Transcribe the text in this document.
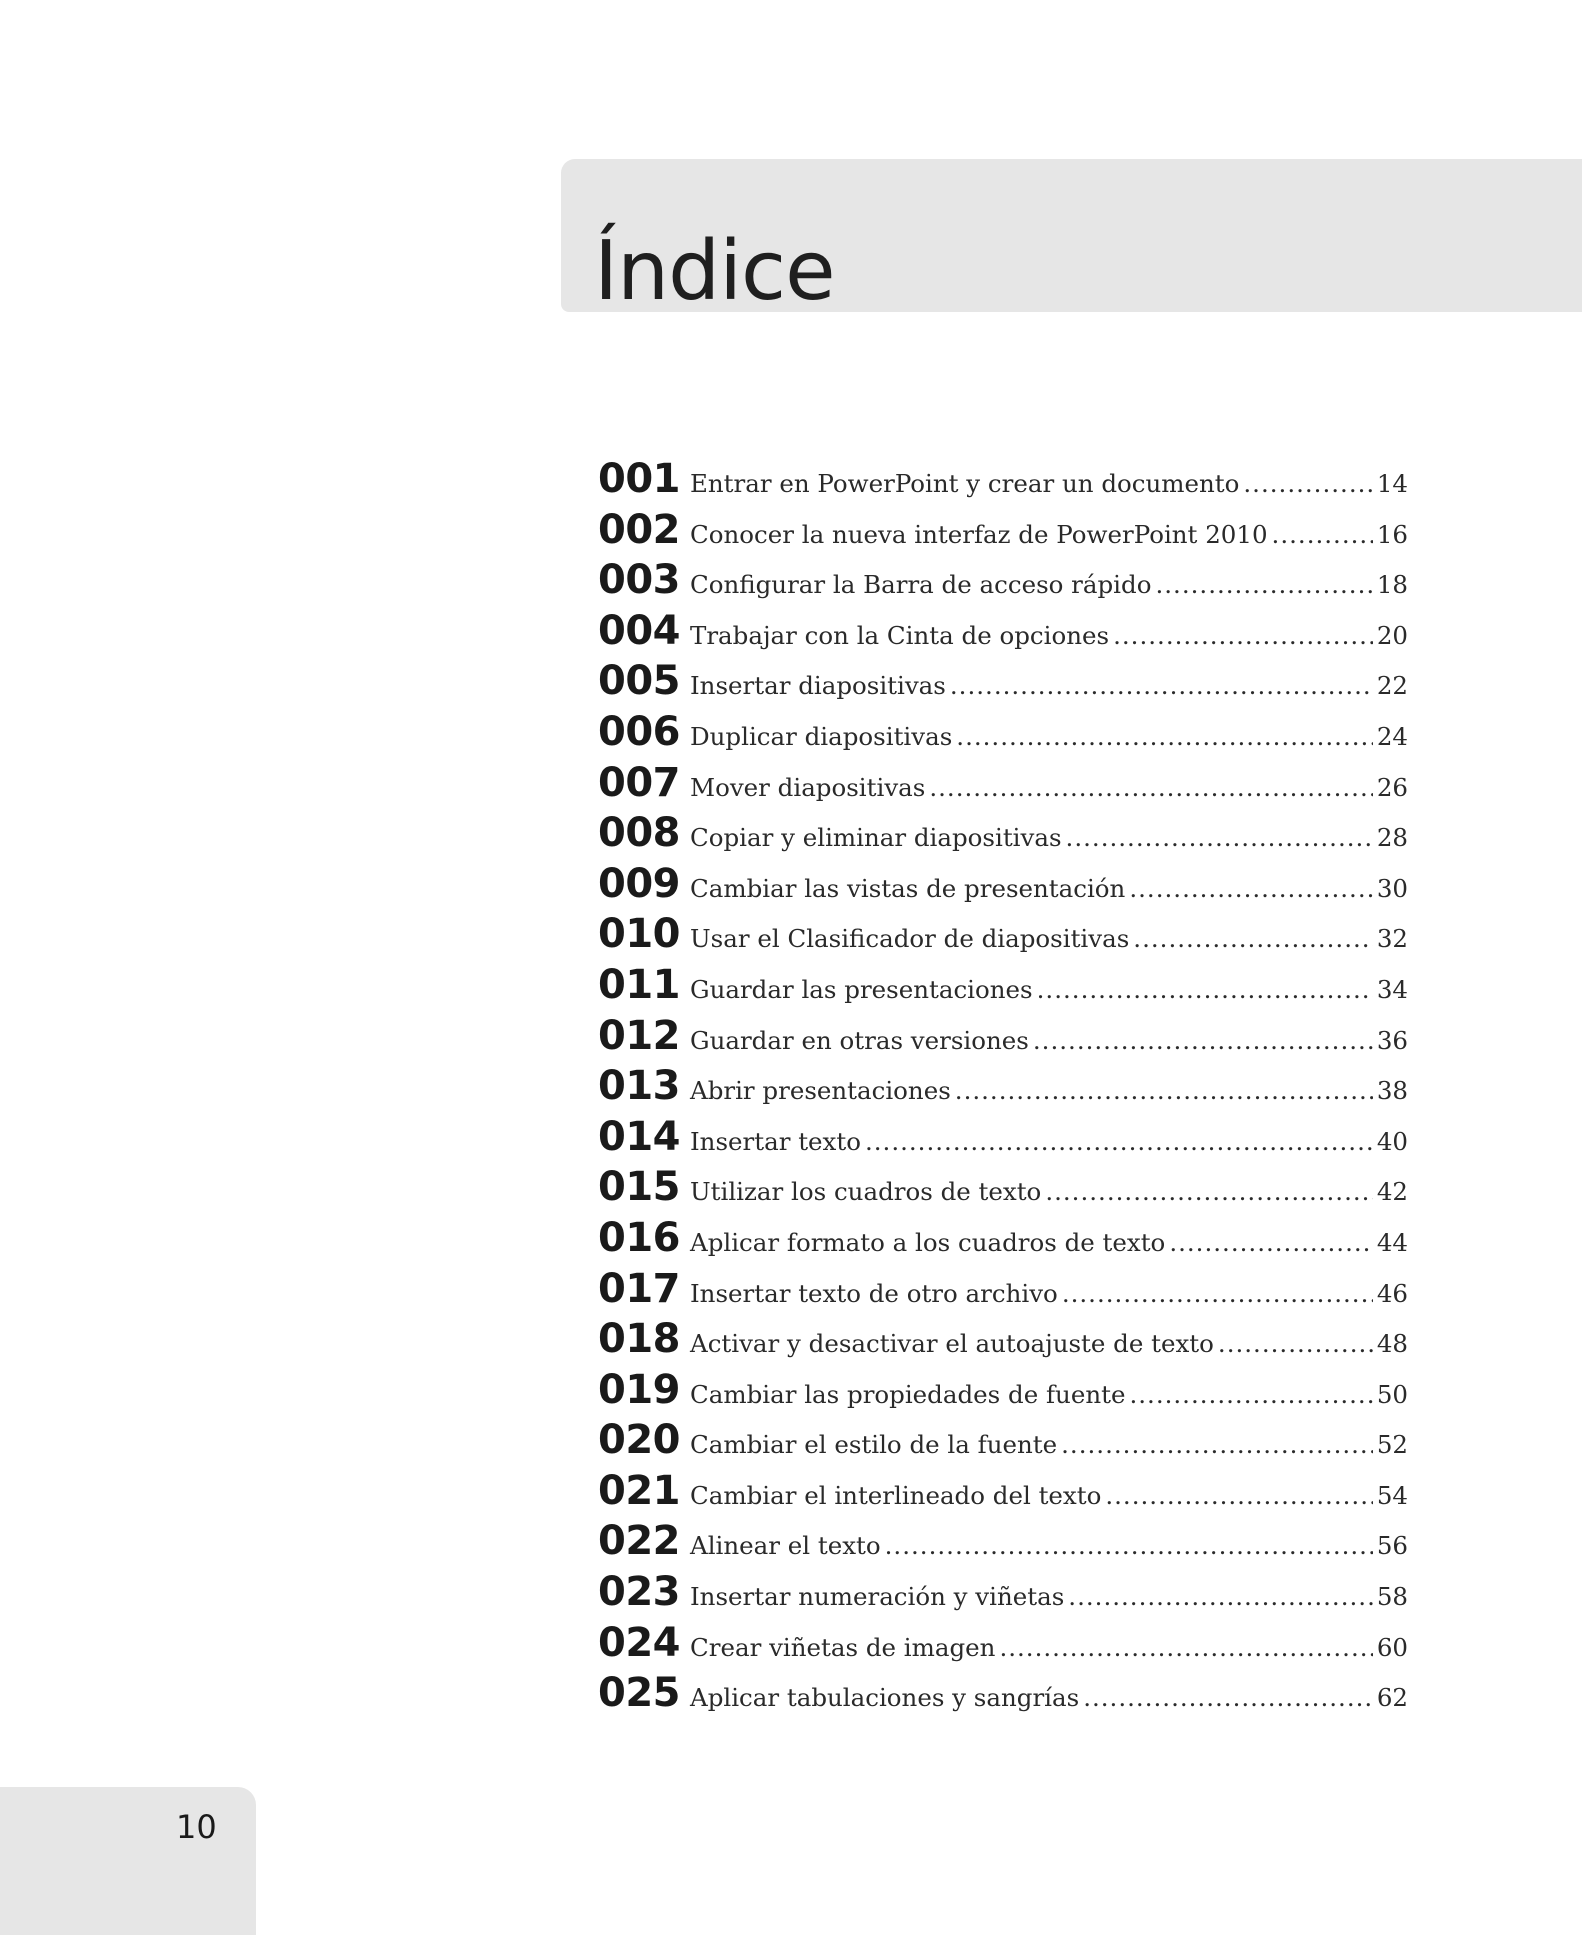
Índice
001 Entrar en PowerPoint y crear un documento .....	14
002 Conocer la nueva interfaz de PowerPoint 2010 .....	16
003 Configurar la Barra de acceso rápido .....	18
004 Trabajar con la Cinta de opciones .....	20
005 Insertar diapositivas .....	22
006 Duplicar diapositivas .....	24
007 Mover diapositivas .....	26
008 Copiar y eliminar diapositivas .....	28
009 Cambiar las vistas de presentación .....	30
010 Usar el Clasificador de diapositivas .....	32
011 Guardar las presentaciones .....	34
012 Guardar en otras versiones .....	36
013 Abrir presentaciones .....	38
014 Insertar texto .....	40
015 Utilizar los cuadros de texto .....	42
016 Aplicar formato a los cuadros de texto .....	44
017 Insertar texto de otro archivo .....	46
018 Activar y desactivar el autoajuste de texto .....	48
019 Cambiar las propiedades de fuente .....	50
020 Cambiar el estilo de la fuente .....	52
021 Cambiar el interlineado del texto .....	54
022 Alinear el texto .....	56
023 Insertar numeración y viñetas .....	58
024 Crear viñetas de imagen .....	60
025 Aplicar tabulaciones y sangrías .....	62
10
